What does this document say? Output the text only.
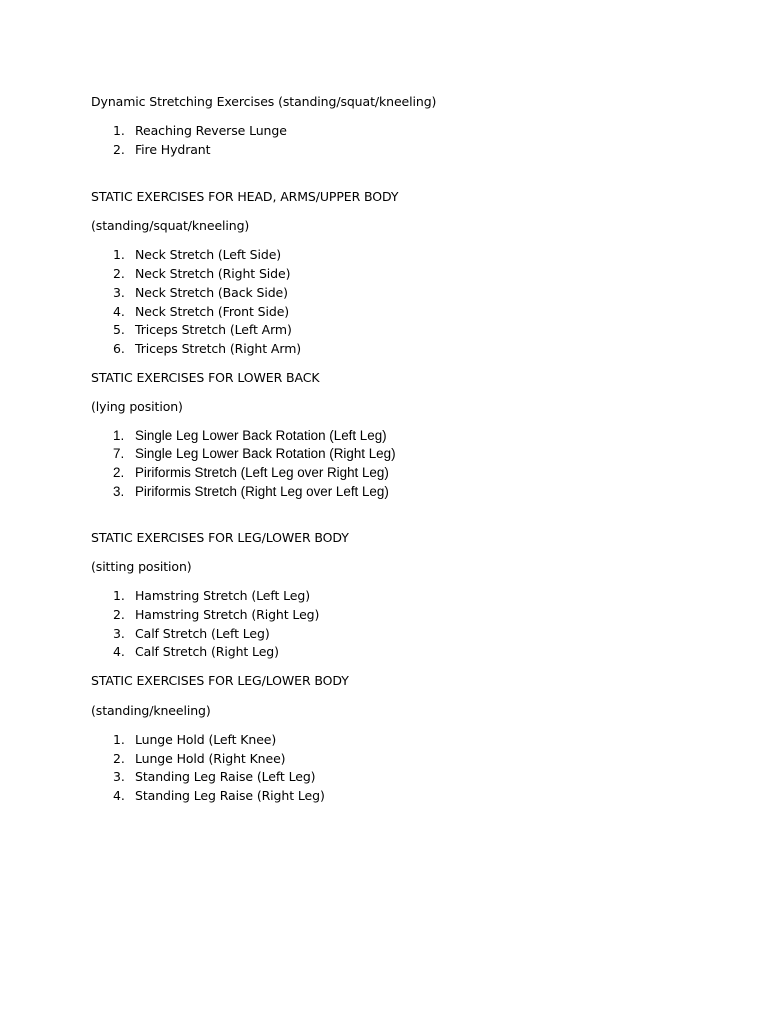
Dynamic Stretching Exercises (standing/squat/kneeling)
1. Reaching Reverse Lunge
2. Fire Hydrant
STATIC EXERCISES FOR HEAD, ARMS/UPPER BODY
(standing/squat/kneeling)
1. Neck Stretch (Left Side)
2. Neck Stretch (Right Side)
3. Neck Stretch (Back Side)
4. Neck Stretch (Front Side)
5. Triceps Stretch (Left Arm)
6. Triceps Stretch (Right Arm)
STATIC EXERCISES FOR LOWER BACK
(lying position)
1. Single Leg Lower Back Rotation (Left Leg)
7. Single Leg Lower Back Rotation (Right Leg)
2. Piriformis Stretch (Left Leg over Right Leg)
3. Piriformis Stretch (Right Leg over Left Leg)
STATIC EXERCISES FOR LEG/LOWER BODY
(sitting position)
1. Hamstring Stretch (Left Leg)
2. Hamstring Stretch (Right Leg)
3. Calf Stretch (Left Leg)
4. Calf Stretch (Right Leg)
STATIC EXERCISES FOR LEG/LOWER BODY
(standing/kneeling)
1. Lunge Hold (Left Knee)
2. Lunge Hold (Right Knee)
3. Standing Leg Raise (Left Leg)
4. Standing Leg Raise (Right Leg)
